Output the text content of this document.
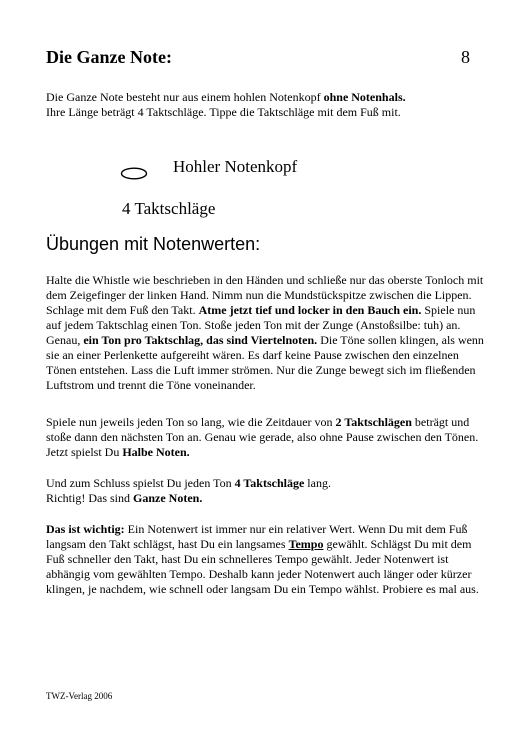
Die Ganze Note:	8
Die Ganze Note besteht nur aus einem hohlen Notenkopf ohne Notenhals.
Ihre Länge beträgt 4 Taktschläge. Tippe die Taktschläge mit dem Fuß mit.
Hohler Notenkopf
4 Taktschläge
Übungen mit Notenwerten:
Halte die Whistle wie beschrieben in den Händen und schließe nur das oberste Tonloch mit dem Zeigefinger der linken Hand. Nimm nun die Mundstückspitze zwischen die Lippen. Schlage mit dem Fuß den Takt. Atme jetzt tief und locker in den Bauch ein. Spiele nun auf jedem Taktschlag einen Ton. Stoße jeden Ton mit der Zunge (Anstoßsilbe: tuh) an. Genau, ein Ton pro Taktschlag, das sind Viertelnoten. Die Töne sollen klingen, als wenn sie an einer Perlenkette aufgereiht wären. Es darf keine Pause zwischen den einzelnen Tönen entstehen. Lass die Luft immer strömen. Nur die Zunge bewegt sich im fließenden Luftstrom und trennt die Töne voneinander.
Spiele nun jeweils jeden Ton so lang, wie die Zeitdauer von 2 Taktschlägen beträgt und stoße dann den nächsten Ton an. Genau wie gerade, also ohne Pause zwischen den Tönen. Jetzt spielst Du Halbe Noten.
Und zum Schluss spielst Du jeden Ton 4 Taktschläge lang.
Richtig! Das sind Ganze Noten.
Das ist wichtig: Ein Notenwert ist immer nur ein relativer Wert. Wenn Du mit dem Fuß langsam den Takt schlägst, hast Du ein langsames Tempo gewählt. Schlägst Du mit dem Fuß schneller den Takt, hast Du ein schnelleres Tempo gewählt. Jeder Notenwert ist abhängig vom gewählten Tempo. Deshalb kann jeder Notenwert auch länger oder kürzer klingen, je nachdem, wie schnell oder langsam Du ein Tempo wählst. Probiere es mal aus.
TWZ-Verlag 2006
